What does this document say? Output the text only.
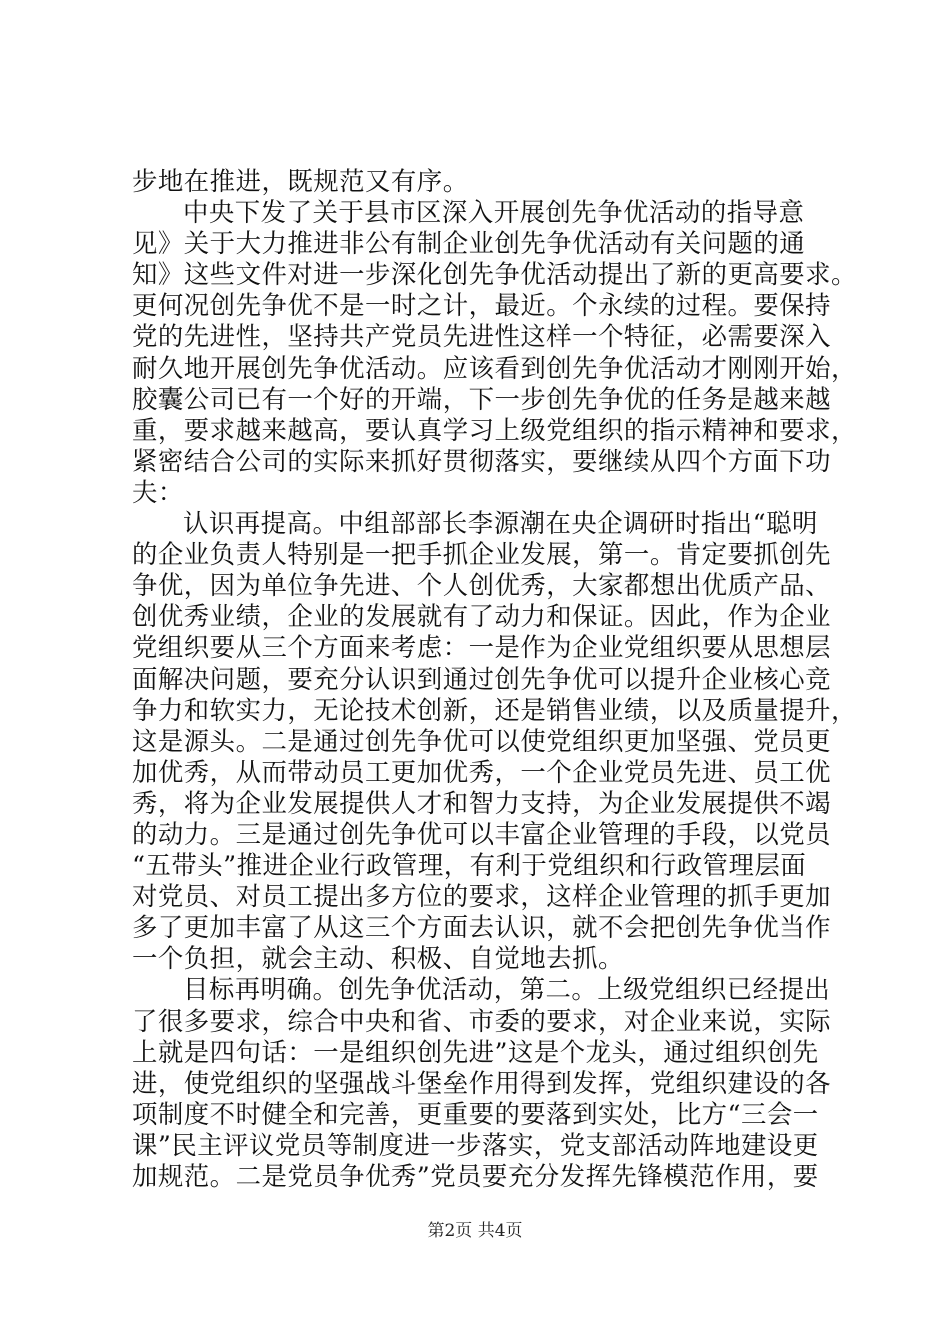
步地在推进，既规范又有序。
中央下发了关于县市区深入开展创先争优活动的指导意
见》关于大力推进非公有制企业创先争优活动有关问题的通
知》这些文件对进一步深化创先争优活动提出了新的更高要求。
更何况创先争优不是一时之计，最近。个永续的过程。要保持
党的先进性，坚持共产党员先进性这样一个特征，必需要深入
耐久地开展创先争优活动。应该看到创先争优活动才刚刚开始，
胶囊公司已有一个好的开端，下一步创先争优的任务是越来越
重，要求越来越高，要认真学习上级党组织的指示精神和要求，
紧密结合公司的实际来抓好贯彻落实，要继续从四个方面下功
夫：
认识再提高。中组部部长李源潮在央企调研时指出“聪明
的企业负责人特别是一把手抓企业发展，第一。肯定要抓创先
争优，因为单位争先进、个人创优秀，大家都想出优质产品、
创优秀业绩，企业的发展就有了动力和保证。因此，作为企业
党组织要从三个方面来考虑：一是作为企业党组织要从思想层
面解决问题，要充分认识到通过创先争优可以提升企业核心竞
争力和软实力，无论技术创新，还是销售业绩，以及质量提升，
这是源头。二是通过创先争优可以使党组织更加坚强、党员更
加优秀，从而带动员工更加优秀，一个企业党员先进、员工优
秀，将为企业发展提供人才和智力支持，为企业发展提供不竭
的动力。三是通过创先争优可以丰富企业管理的手段，以党员
“五带头”推进企业行政管理，有利于党组织和行政管理层面
对党员、对员工提出多方位的要求，这样企业管理的抓手更加
多了更加丰富了从这三个方面去认识，就不会把创先争优当作
一个负担，就会主动、积极、自觉地去抓。
目标再明确。创先争优活动，第二。上级党组织已经提出
了很多要求，综合中央和省、市委的要求，对企业来说，实际
上就是四句话：一是组织创先进”这是个龙头，通过组织创先
进，使党组织的坚强战斗堡垒作用得到发挥，党组织建设的各
项制度不时健全和完善，更重要的要落到实处，比方“三会一
课”民主评议党员等制度进一步落实，党支部活动阵地建设更
加规范。二是党员争优秀”党员要充分发挥先锋模范作用，要
第2页 共4页
